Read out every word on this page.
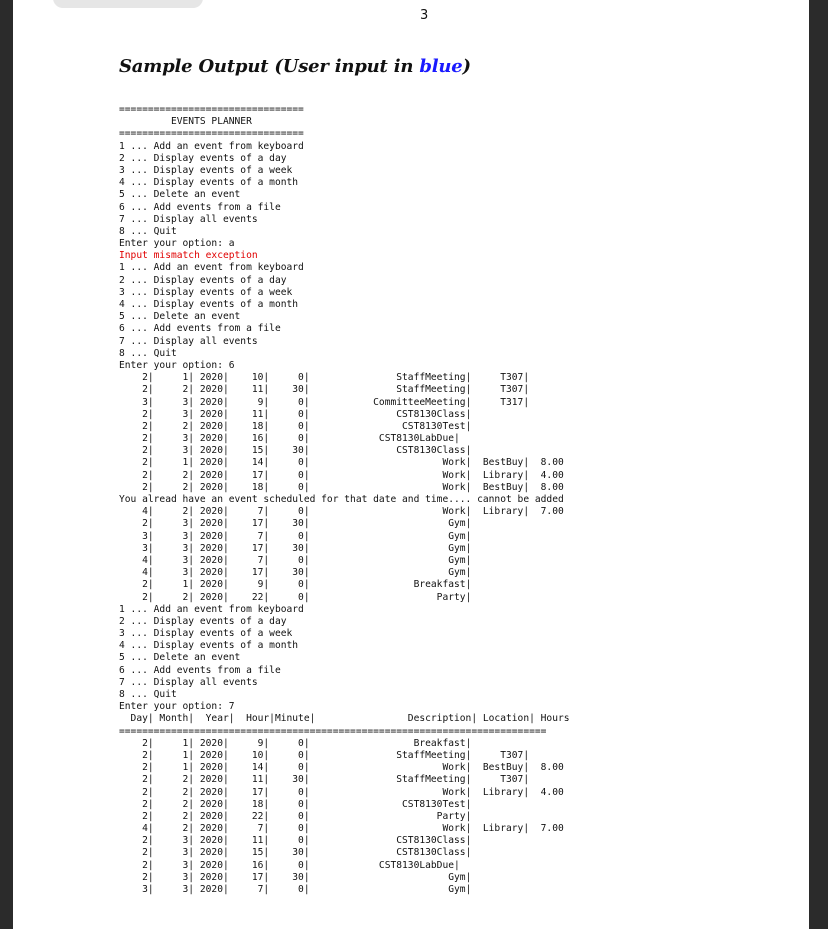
3
Sample Output (User input in blue)
================================
EVENTS PLANNER
================================
1 ... Add an event from keyboard
2 ... Display events of a day
3 ... Display events of a week
4 ... Display events of a month
5 ... Delete an event
6 ... Add events from a file
7 ... Display all events
8 ... Quit
Enter your option: a
Input mismatch exception
1 ... Add an event from keyboard
2 ... Display events of a day
3 ... Display events of a week
4 ... Display events of a month
5 ... Delete an event
6 ... Add events from a file
7 ... Display all events
8 ... Quit
Enter your option: 6
2|     1| 2020|    10|     0|               StaffMeeting|     T307|
2|     2| 2020|    11|    30|               StaffMeeting|     T307|
3|     3| 2020|     9|     0|           CommitteeMeeting|     T317|
2|     3| 2020|    11|     0|               CST8130Class|
2|     2| 2020|    18|     0|                CST8130Test|
2|     3| 2020|    16|     0|            CST8130LabDue|
2|     3| 2020|    15|    30|               CST8130Class|
2|     1| 2020|    14|     0|                       Work|  BestBuy|  8.00
2|     2| 2020|    17|     0|                       Work|  Library|  4.00
2|     2| 2020|    18|     0|                       Work|  BestBuy|  8.00
You alread have an event scheduled for that date and time.... cannot be added
4|     2| 2020|     7|     0|                       Work|  Library|  7.00
2|     3| 2020|    17|    30|                        Gym|
3|     3| 2020|     7|     0|                        Gym|
3|     3| 2020|    17|    30|                        Gym|
4|     3| 2020|     7|     0|                        Gym|
4|     3| 2020|    17|    30|                        Gym|
2|     1| 2020|     9|     0|                  Breakfast|
2|     2| 2020|    22|     0|                      Party|
1 ... Add an event from keyboard
2 ... Display events of a day
3 ... Display events of a week
4 ... Display events of a month
5 ... Delete an event
6 ... Add events from a file
7 ... Display all events
8 ... Quit
Enter your option: 7
Day| Month|  Year|  Hour|Minute|                Description| Location| Hours
==========================================================================
2|     1| 2020|     9|     0|                  Breakfast|
2|     1| 2020|    10|     0|               StaffMeeting|     T307|
2|     1| 2020|    14|     0|                       Work|  BestBuy|  8.00
2|     2| 2020|    11|    30|               StaffMeeting|     T307|
2|     2| 2020|    17|     0|                       Work|  Library|  4.00
2|     2| 2020|    18|     0|                CST8130Test|
2|     2| 2020|    22|     0|                      Party|
4|     2| 2020|     7|     0|                       Work|  Library|  7.00
2|     3| 2020|    11|     0|               CST8130Class|
2|     3| 2020|    15|    30|               CST8130Class|
2|     3| 2020|    16|     0|            CST8130LabDue|
2|     3| 2020|    17|    30|                        Gym|
3|     3| 2020|     7|     0|                        Gym|
